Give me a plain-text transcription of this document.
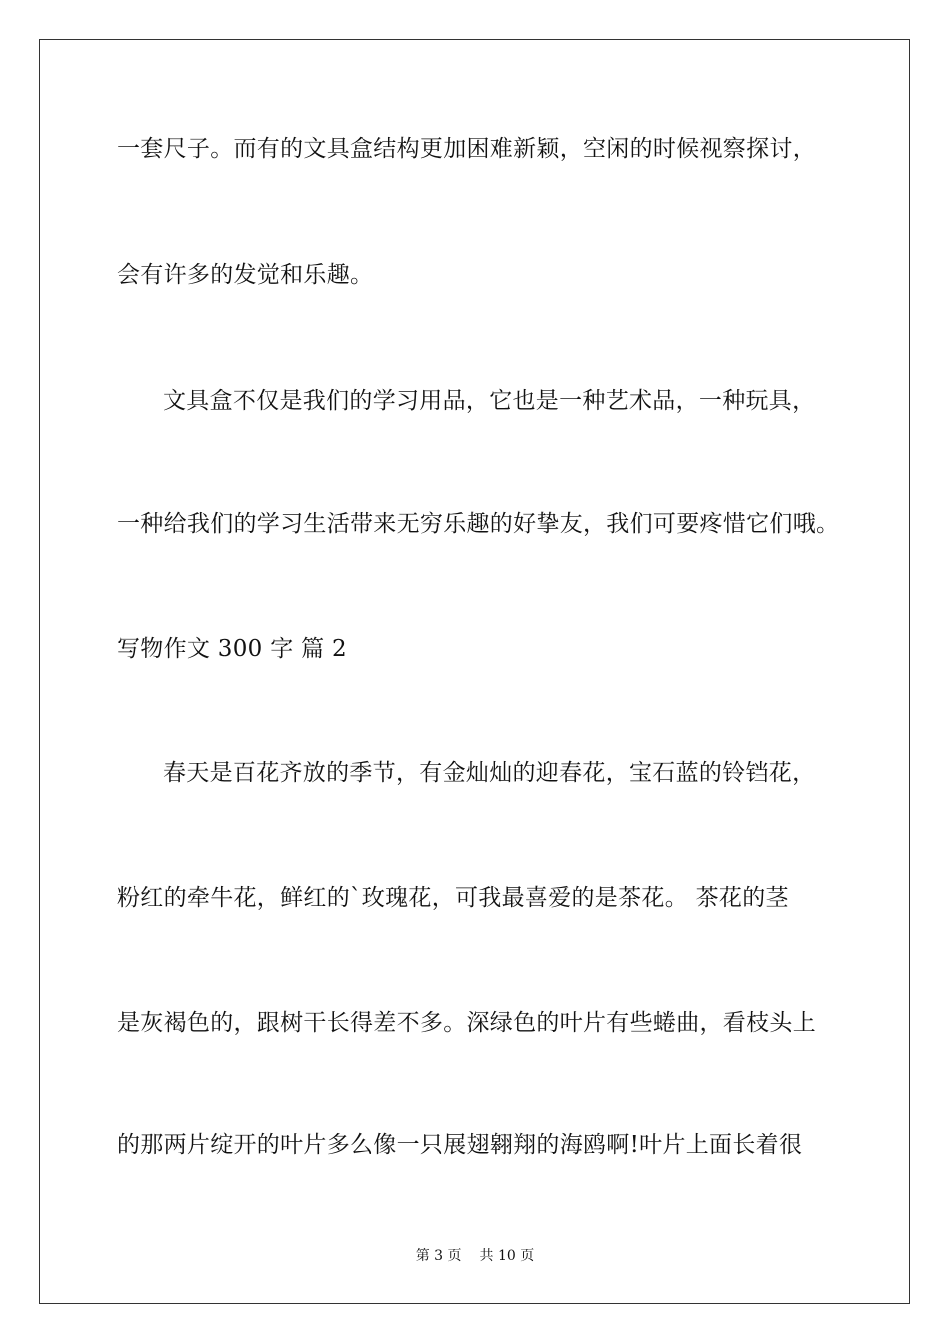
一套尺子。而有的文具盒结构更加困难新颖，空闲的时候视察探讨，
会有许多的发觉和乐趣。
文具盒不仅是我们的学习用品，它也是一种艺术品，一种玩具，
一种给我们的学习生活带来无穷乐趣的好挚友，我们可要疼惜它们哦。
写物作文 300 字 篇 2
春天是百花齐放的季节，有金灿灿的迎春花，宝石蓝的铃铛花，
粉红的牵牛花，鲜红的`玫瑰花，可我最喜爱的是茶花。 茶花的茎
是灰褐色的，跟树干长得差不多。深绿色的叶片有些蜷曲，看枝头上
的那两片绽开的叶片多么像一只展翅翱翔的海鸥啊!叶片上面长着很
第 3 页 共 10 页
